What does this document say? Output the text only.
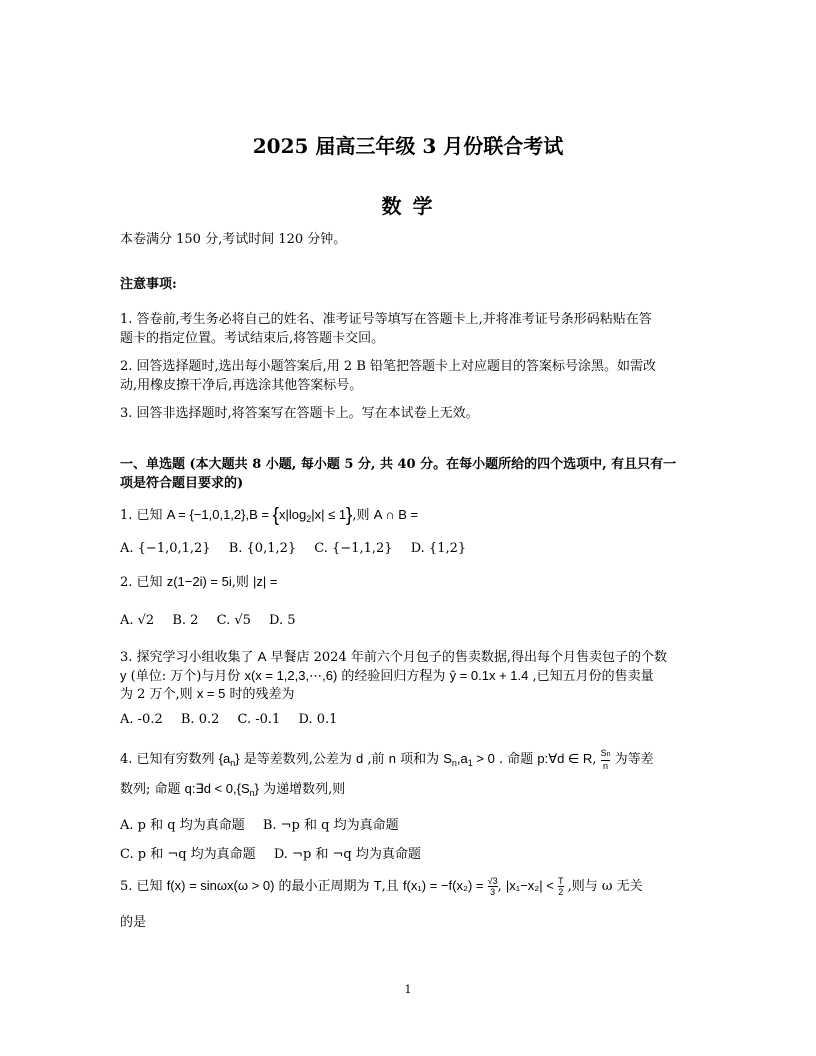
2025 届高三年级 3 月份联合考试
数 学
本卷满分 150 分,考试时间 120 分钟。
注意事项:
1. 答卷前,考生务必将自己的姓名、准考证号等填写在答题卡上,并将准考证号条形码粘贴在答
题卡的指定位置。考试结束后,将答题卡交回。
2. 回答选择题时,选出每小题答案后,用 2 B 铅笔把答题卡上对应题目的答案标号涂黑。如需改
动,用橡皮擦干净后,再选涂其他答案标号。
3. 回答非选择题时,将答案写在答题卡上。写在本试卷上无效。
一、单选题 (本大题共 8 小题, 每小题 5 分, 共 40 分。在每小题所给的四个选项中, 有且只有一
项是符合题目要求的)
1. 已知 $A = \{-1,0,1,2\},B = \{x|\log_2|x| \le 1\}$,则 A ∩ B =
A. {−1,0,1,2} B. {0,1,2} C. {−1,1,2} D. {1,2}
2. 已知 z(1−2i) = 5i,则 |z| =
A. √2 B. 2 C. √5 D. 5
3. 探究学习小组收集了 A 早餐店 2024 年前六个月包子的售卖数据,得出每个月售卖包子的个数
y (单位: 万个)与月份 x(x = 1,2,3,⋯,6) 的经验回归方程为 ŷ = 0.1x + 1.4 ,已知五月份的售卖量
为 2 万个,则 x = 5 时的残差为
A. -0.2 B. 0.2 C. -0.1 D. 0.1
4. 已知有穷数列 $\{a_n\}$ 是等差数列,公差为 d ,前 n 项和为 $S_n,a_1 > 0$ . 命题 p:∀d ∈ R, $\frac{Sn}{n}$ 为等差
数列; 命题 q:∃d < $0,\{S_n\}$ 为递增数列,则
A. p 和 q 均为真命题 B. ¬p 和 q 均为真命题
C. p 和 ¬q 均为真命题 D. ¬p 和 ¬q 均为真命题
5. 已知 f(x) = sinωx(ω > 0) 的最小正周期为 T,且 $f(x_1) = -f(x_2) = \frac{√3}{3}$ , $|x_1-x_2| < \frac{T}{2}$ ,则与 ω 无关
的是
1
